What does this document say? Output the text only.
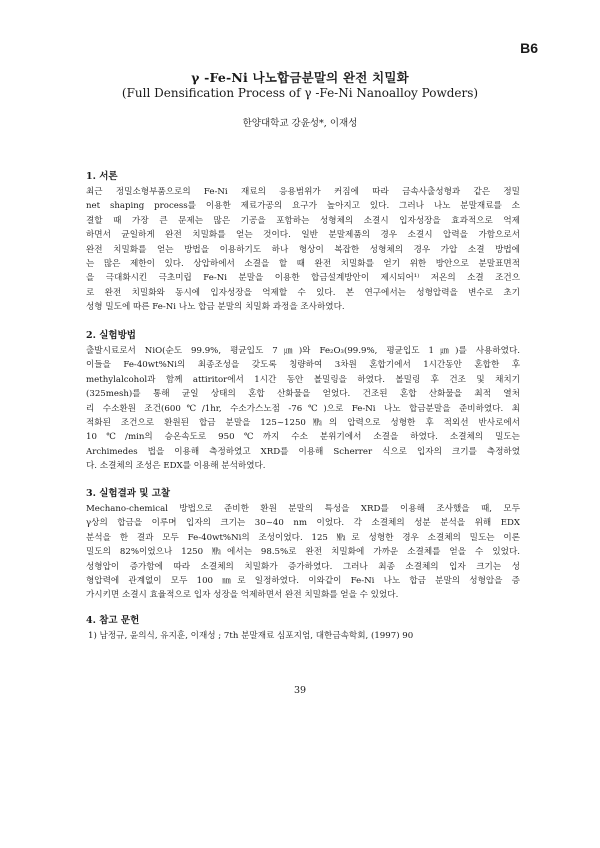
B6
γ -Fe-Ni 나노합금분말의 완전 치밀화
(Full Densification Process of γ -Fe-Ni Nanoalloy Powders)
한양대학교 강윤성*, 이재성
1. 서론
최근 정밀소형부품으로의 Fe-Ni 재료의 응용범위가 커짐에 따라 금속사출성형과 같은 정밀
net shaping process를 이용한 제료가공의 요구가 높아지고 있다. 그러나 나노 분말재료를 소
결할 때 가장 큰 문제는 많은 기공을 포함하는 성형체의 소결시 입자성장을 효과적으로 억제
하면서 균일하게 완전 치밀화를 얻는 것이다. 일반 분말제품의 경우 소결시 압력을 가함으로서
완전 치밀화를 얻는 방법을 이용하기도 하나 형상이 복잡한 성형체의 경우 가압 소결 방법에
는 많은 제한이 있다. 상압하에서 소결을 할 때 완전 치밀화를 얻기 위한 방안으로 분말표면적
을 극대화시킨 극초미립 Fe-Ni 분말을 이용한 합금설계방안이 제시되어¹⁾ 저온의 소결 조건으
로 완전 치밀화와 동시에 입자성장을 억제할 수 있다. 본 연구에서는 성형압력을 변수로 초기
성형 밀도에 따른 Fe-Ni 나노 합금 분말의 치밀화 과정을 조사하였다.
2. 실험방법
출발시료로서 NiO(순도 99.9%, 평균입도 7㎛)와 Fe₂O₃(99.9%, 평균입도 1㎛)를 사용하였다.
이들을 Fe-40wt%Ni의 최종조성을 갖도록 칭량하여 3차원 혼합기에서 1시간동안 혼합한 후
methylalcohol과 함께 attiritor에서 1시간 동안 볼밀링을 하였다. 볼밀링 후 건조 및 채치기
(325mesh)를 통해 균일 상태의 혼합 산화물을 얻었다. 건조된 혼합 산화물을 최적 열처
리 수소환원 조건(600℃/1hr, 수소가스노점 -76℃)으로 Fe-Ni 나노 합금분말을 준비하였다. 최
적화된 조건으로 환원된 합금 분말을 125~1250㎫의 압력으로 성형한 후 적외선 반사로에서
10℃/min의 승온속도로 950℃까지 수소 분위기에서 소결을 하였다. 소결체의 밀도는
Archimedes 법을 이용해 측정하였고 XRD를 이용해 Scherrer 식으로 입자의 크기를 측정하였
다. 소결체의 조성은 EDX를 이용해 분석하였다.
3. 실험결과 및 고찰
Mechano-chemical 방법으로 준비한 환원 분말의 특성을 XRD를 이용해 조사했을 때, 모두
γ상의 합금을 이루며 입자의 크기는 30~40 nm 이었다. 각 소결체의 성분 분석을 위해 EDX
분석을 한 결과 모두 Fe-40wt%Ni의 조성이었다. 125 ㎫로 성형한 경우 소결체의 밀도는 이론
밀도의 82%이었으나 1250 ㎫에서는 98.5%로 완전 치밀화에 가까운 소결체를 얻을 수 있었다.
성형압이 증가함에 따라 소결체의 치밀화가 증가하였다. 그러나 최종 소결체의 입자 크기는 성
형압력에 관계없이 모두 100 ㎚로 일정하였다. 이와같이 Fe-Ni 나노 합금 분말의 성형압을 증
가시키면 소결시 효율적으로 입자 성장을 억제하면서 완전 치밀화를 얻을 수 있었다.
4. 참고 문헌
1) 남정규, 윤의식, 유지훈, 이재성 ; 7th 분말재료 심포지엄, 대한금속학회, (1997) 90
39
